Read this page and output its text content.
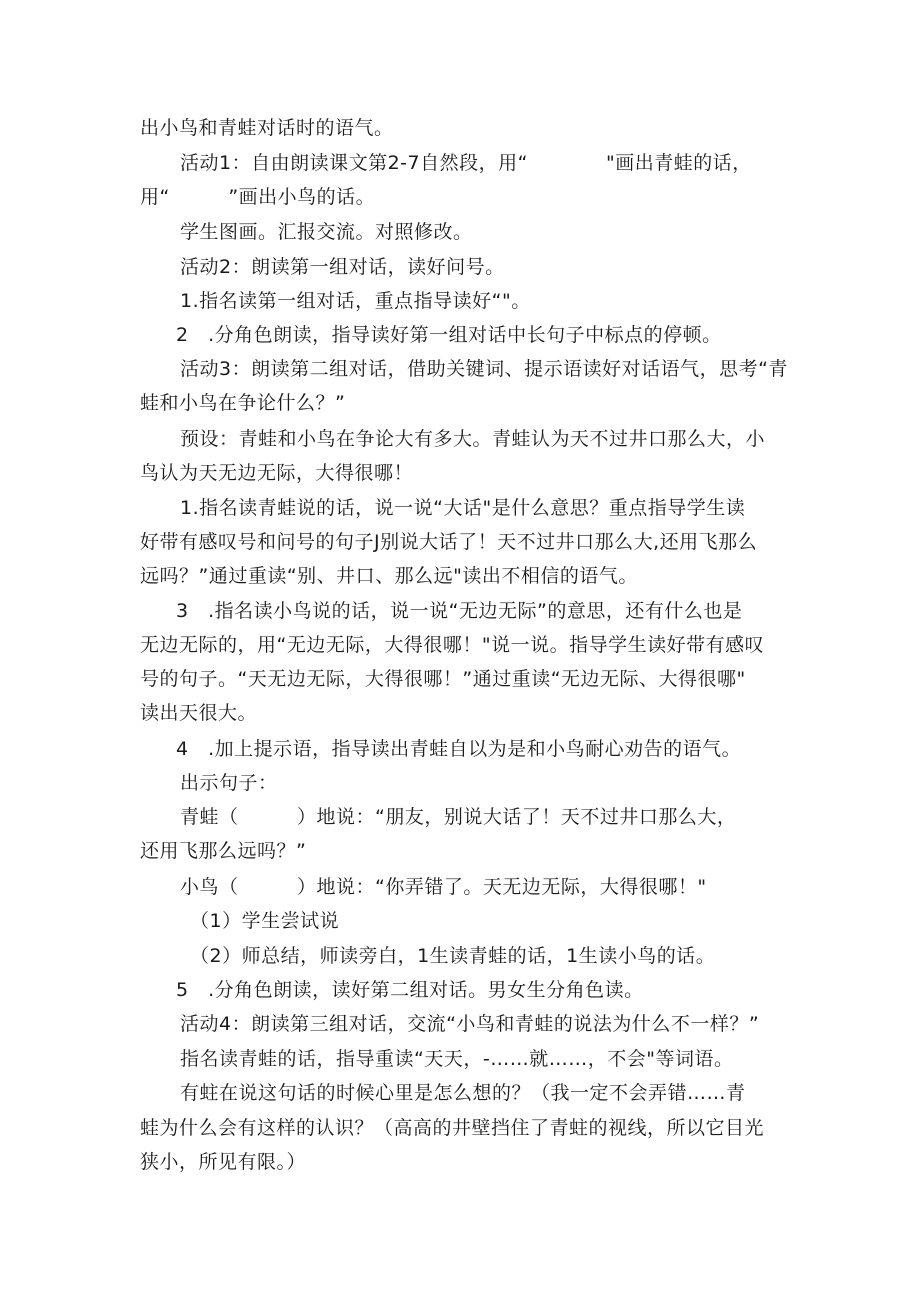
出小鸟和青蛙对话时的语气。
活动1：自由朗读课文第2-7自然段，用“　　　　"画出青蛙的话，
用“　　　”画出小鸟的话。
学生图画。汇报交流。对照修改。
活动2：朗读第一组对话，读好问号。
1.指名读第一组对话，重点指导读好“"。
2　.分角色朗读，指导读好第一组对话中长句子中标点的停顿。
活动3：朗读第二组对话，借助关键词、提示语读好对话语气，思考“青
蛙和小鸟在争论什么？”
预设：青蛙和小鸟在争论大有多大。青蛙认为天不过井口那么大，小
鸟认为天无边无际，大得很哪！
1.指名读青蛙说的话，说一说“大话"是什么意思？重点指导学生读
好带有感叹号和问号的句子J别说大话了！天不过井口那么大,还用飞那么
远吗？”通过重读“别、井口、那么远"读出不相信的语气。
3　.指名读小鸟说的话，说一说“无边无际”的意思，还有什么也是
无边无际的，用“无边无际，大得很哪！"说一说。指导学生读好带有感叹
号的句子。“天无边无际，大得很哪！”通过重读“无边无际、大得很哪"
读出天很大。
4　.加上提示语，指导读出青蛙自以为是和小鸟耐心劝告的语气。
出示句子：
青蛙（　　　）地说：“朋友，别说大话了！天不过井口那么大，
还用飞那么远吗？”
小鸟（　　　）地说：“你弄错了。天无边无际，大得很哪！"
（1）学生尝试说
（2）师总结，师读旁白，1生读青蛙的话，1生读小鸟的话。
5　.分角色朗读，读好第二组对话。男女生分角色读。
活动4：朗读第三组对话，交流“小鸟和青蛙的说法为什么不一样？”
指名读青蛙的话，指导重读“天天，-……就……，不会"等词语。
有蛀在说这句话的时候心里是怎么想的？（我一定不会弄错……青
蛙为什么会有这样的认识？（高高的井壁挡住了青蛀的视线，所以它目光
狭小，所见有限。）
